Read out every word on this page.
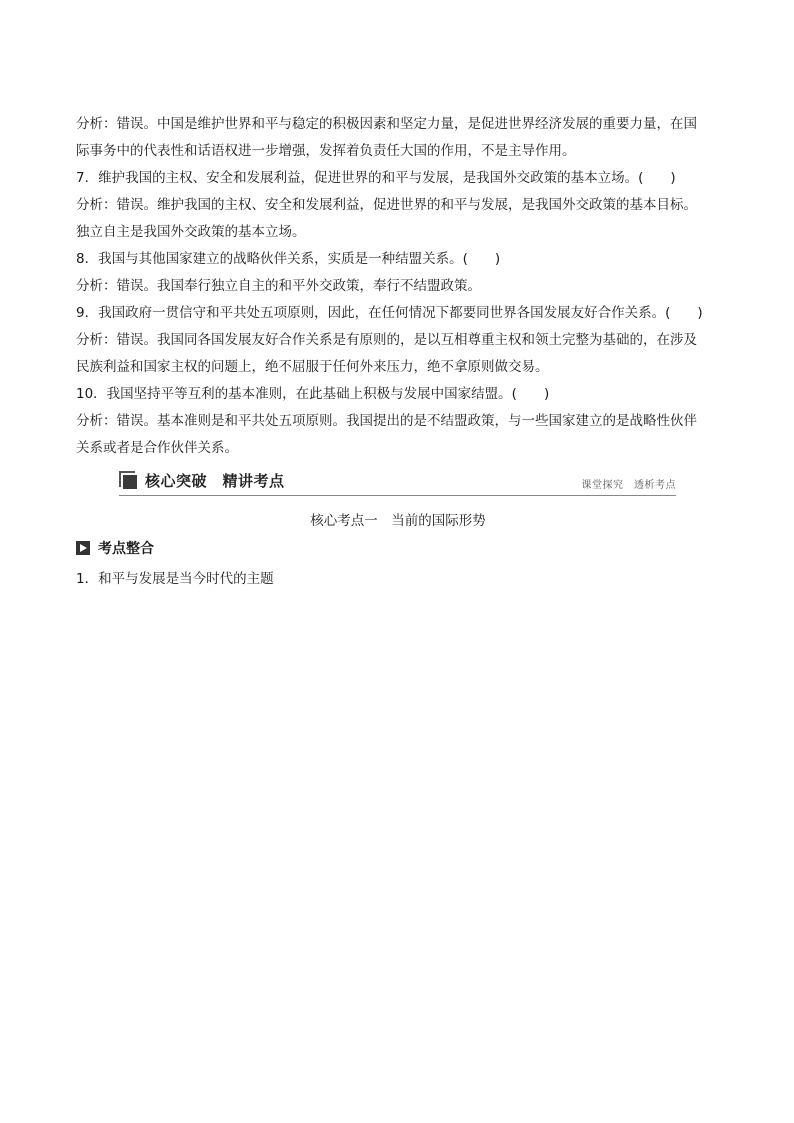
分析：错误。中国是维护世界和平与稳定的积极因素和坚定力量，是促进世界经济发展的重要力量，在国
际事务中的代表性和话语权进一步增强，发挥着负责任大国的作用，不是主导作用。
7．维护我国的主权、安全和发展利益，促进世界的和平与发展，是我国外交政策的基本立场。(　　)
分析：错误。维护我国的主权、安全和发展利益，促进世界的和平与发展，是我国外交政策的基本目标。
独立自主是我国外交政策的基本立场。
8．我国与其他国家建立的战略伙伴关系，实质是一种结盟关系。(　　)
分析：错误。我国奉行独立自主的和平外交政策，奉行不结盟政策。
9．我国政府一贯信守和平共处五项原则，因此，在任何情况下都要同世界各国发展友好合作关系。(　　)
分析：错误。我国同各国发展友好合作关系是有原则的，是以互相尊重主权和领土完整为基础的，在涉及
民族利益和国家主权的问题上，绝不屈服于任何外来压力，绝不拿原则做交易。
10．我国坚持平等互利的基本准则，在此基础上积极与发展中国家结盟。(　　)
分析：错误。基本准则是和平共处五项原则。我国提出的是不结盟政策，与一些国家建立的是战略性伙伴
关系或者是合作伙伴关系。
核心突破　精讲考点	课堂探究　透析考点
核心考点一　当前的国际形势
考点整合
1．和平与发展是当今时代的主题
